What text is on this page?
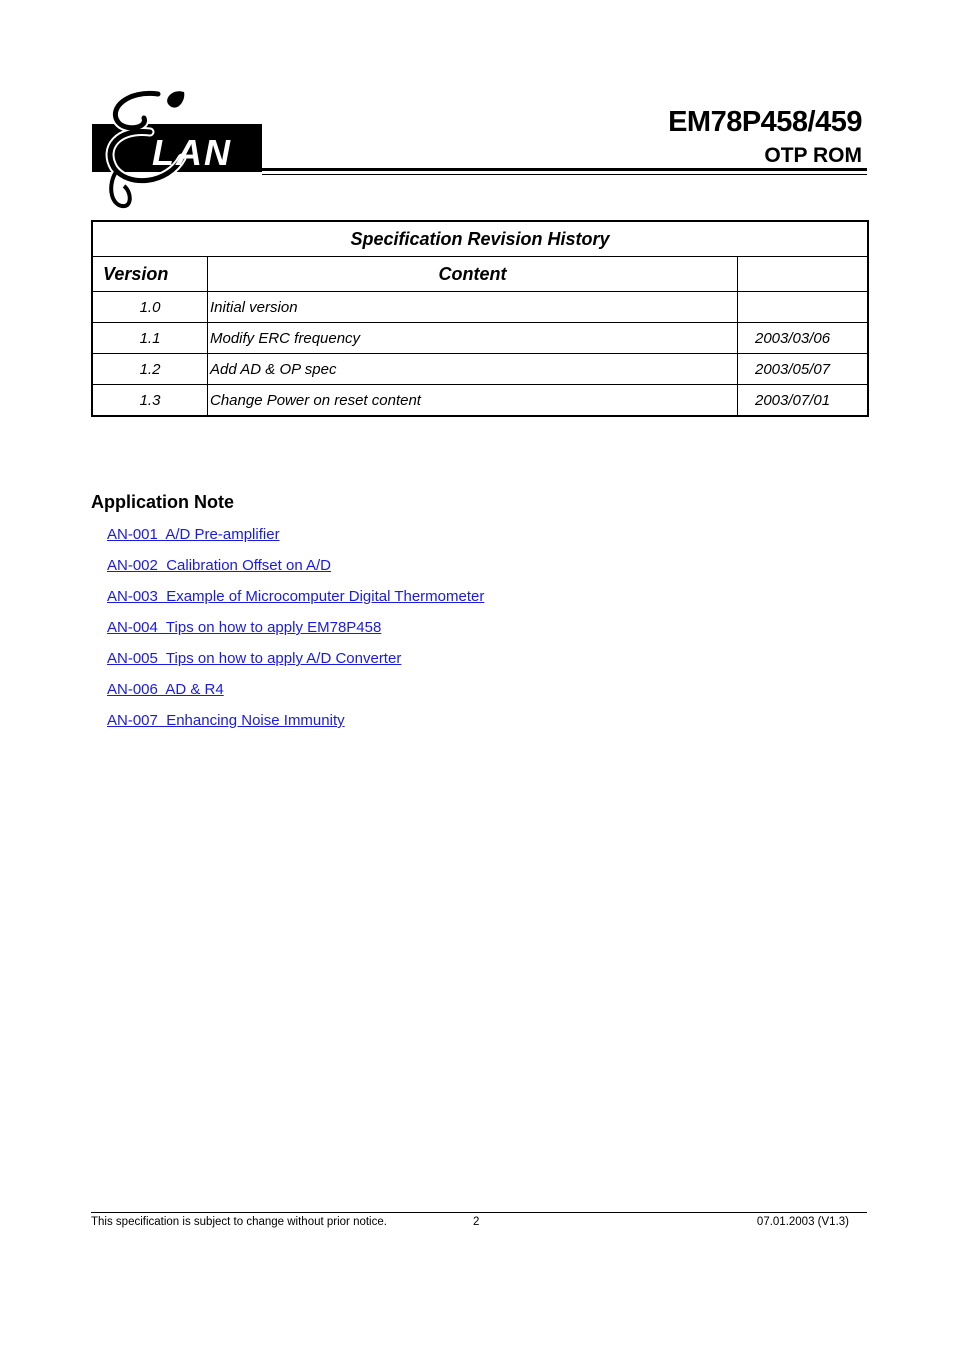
LAN
EM78P458/459
OTP ROM
Specification Revision History		
Version	Content	
1.0	Initial version	
1.1	Modify ERC frequency	2003/03/06
1.2	Add AD & OP spec	2003/05/07
1.3	Change Power on reset content	2003/07/01
Application Note
AN-001  A/D Pre-amplifier
AN-002  Calibration Offset on A/D
AN-003  Example of Microcomputer Digital Thermometer
AN-004  Tips on how to apply EM78P458
AN-005  Tips on how to apply A/D Converter
AN-006  AD & R4
AN-007  Enhancing Noise Immunity
This specification is subject to change without prior notice.	2	07.01.2003 (V1.3)
